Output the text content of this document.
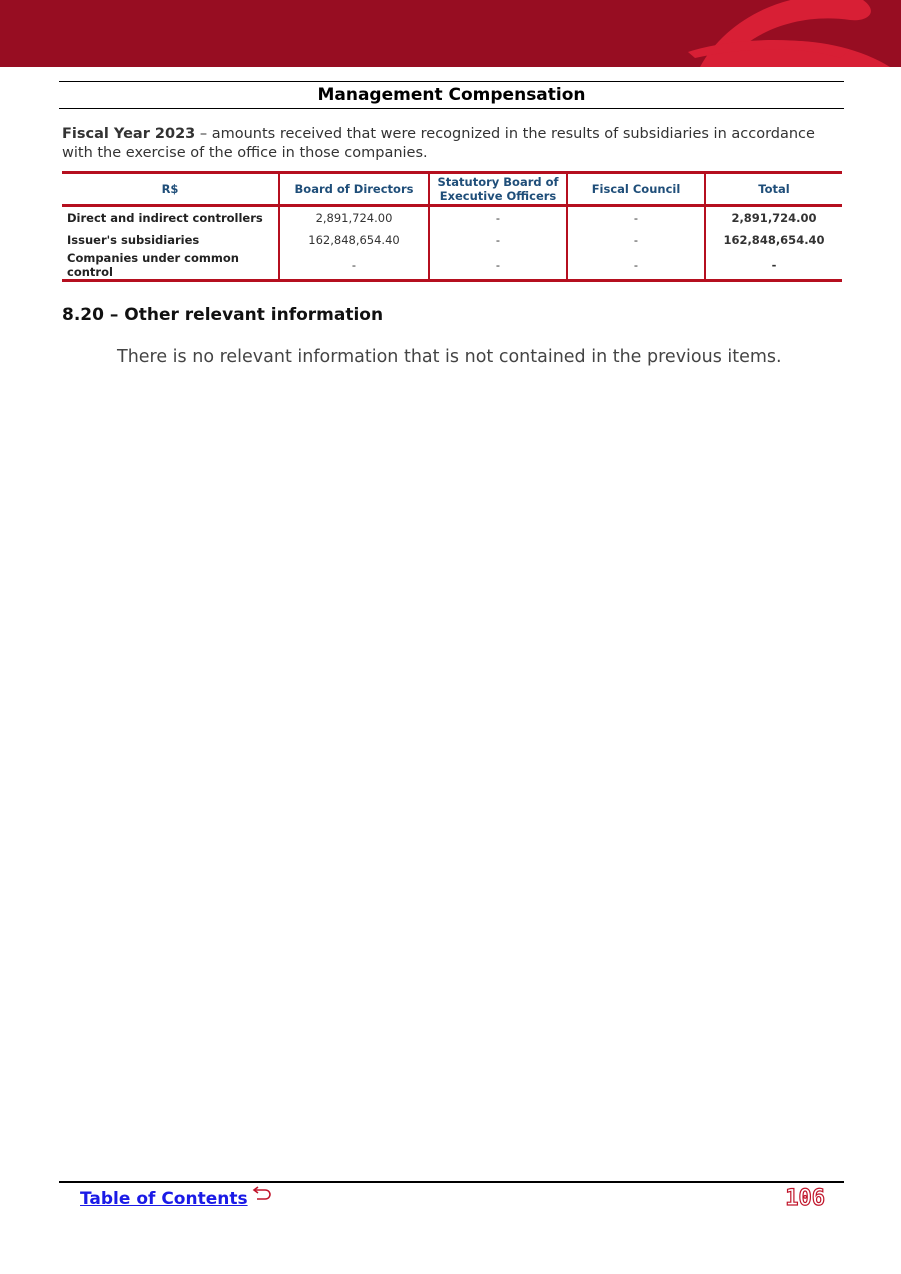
Management Compensation
Fiscal Year 2023 – amounts received that were recognized in the results of subsidiaries in accordance with the exercise of the office in those companies.
R$	Board of Directors	Statutory Board of Executive Officers	Fiscal Council	Total
Direct and indirect controllers	2,891,724.00	-	-	2,891,724.00
Issuer's subsidiaries	162,848,654.40	-	-	162,848,654.40
Companies under common control	-	-	-	-
8.20 – Other relevant information
There is no relevant information that is not contained in the previous items.
Table of Contents	106
